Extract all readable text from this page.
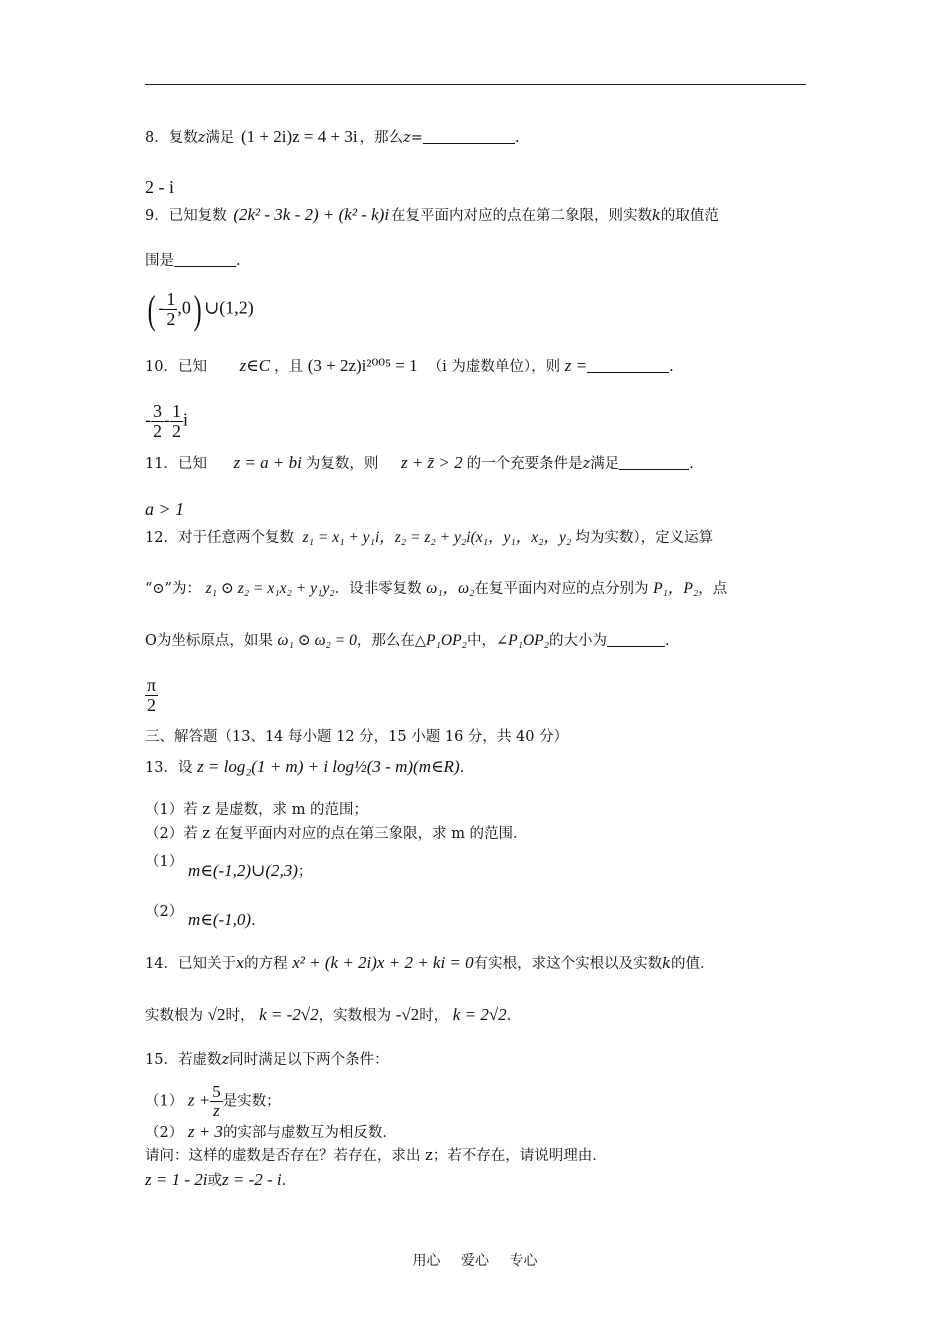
8．复数z满足 (1 + 2i)z = 4 + 3i ，那么z=	.
2 - i
9．已知复数 (2k² - 3k - 2) + (k² - k)i 在复平面内对应的点在第二象限，则实数k的取值范
围是	.
( - $\frac{1}{2} ,0$) ∪(1,2)
10．已知 z∈C ，且 (3 + 2z)i²⁰⁰⁵ = 1 （i 为虚数单位），则 z =	.
- $\frac{3}{2} - \frac{1}{2}$ i
11．已知 z = a + bi 为复数，则 z + z̄ > 2 的一个充要条件是z满足	.
a > 1
12．对于任意两个复数 z₁ = x₁ + y₁i，z₂ = z₂ + y₂i(x₁，y₁，x₂，y₂ 均为实数），定义运算
“⊙”为： z₁ ⊙ z₂ = x₁x₂ + y₁y₂．设非零复数 ω₁，ω₂在复平面内对应的点分别为 P₁，P₂，点
O为坐标原点，如果 ω₁ ⊙ ω₂ = 0，那么在△P₁OP₂中，∠P₁OP₂的大小为	.
$\frac{\pi}{2}$
三、解答题（13、14 每小题 12 分，15 小题 16 分，共 40 分）
13．设 z = log₂(1 + m) + i log½(3 - m)(m∈R).
（1）若 z 是虚数，求 m 的范围；
（2）若 z 在复平面内对应的点在第三象限，求 m 的范围．
（1） m∈(-1,2)∪(2,3)；
（2） m∈(-1,0).
14．已知关于x的方程 x² + (k + 2i)x + 2 + ki = 0有实根，求这个实根以及实数k的值．
实数根为 √2时， k = -2√2，实数根为 -√2时， k = 2√2.
15．若虚数z同时满足以下两个条件：
（1） $z + \frac{5}{z}$ 是实数；
（2） z + 3的实部与虚数互为相反数．
请问：这样的虚数是否存在？若存在，求出 z；若不存在，请说明理由．
z = 1 - 2i或z = -2 - i.
用心 爱心 专心
